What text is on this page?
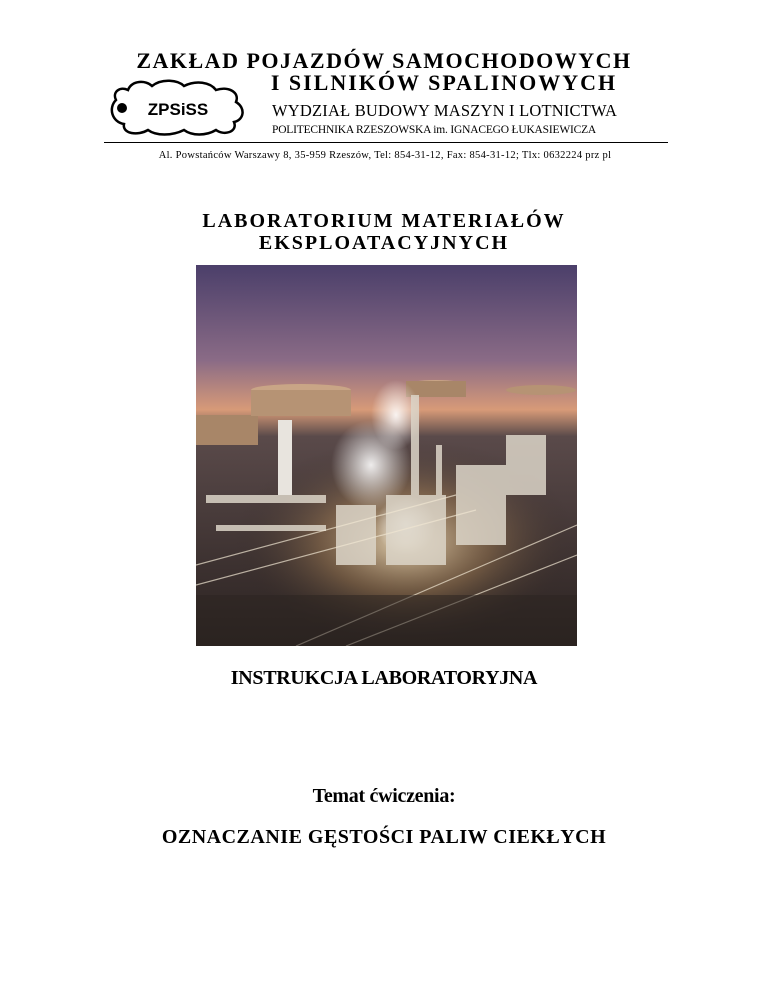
ZAKŁAD POJAZDÓW SAMOCHODOWYCH
I SILNIKÓW SPALINOWYCH
ZPSiSS	WYDZIAŁ BUDOWY MASZYN I LOTNICTWA
POLITECHNIKA RZESZOWSKA im. IGNACEGO ŁUKASIEWICZA
Al. Powstańców Warszawy 8, 35-959 Rzeszów, Tel: 854-31-12, Fax: 854-31-12; Tlx: 0632224 prz pl
LABORATORIUM MATERIAŁÓW
EKSPLOATACYJNYCH
INSTRUKCJA LABORATORYJNA
Temat ćwiczenia:
OZNACZANIE GĘSTOŚCI PALIW CIEKŁYCH
